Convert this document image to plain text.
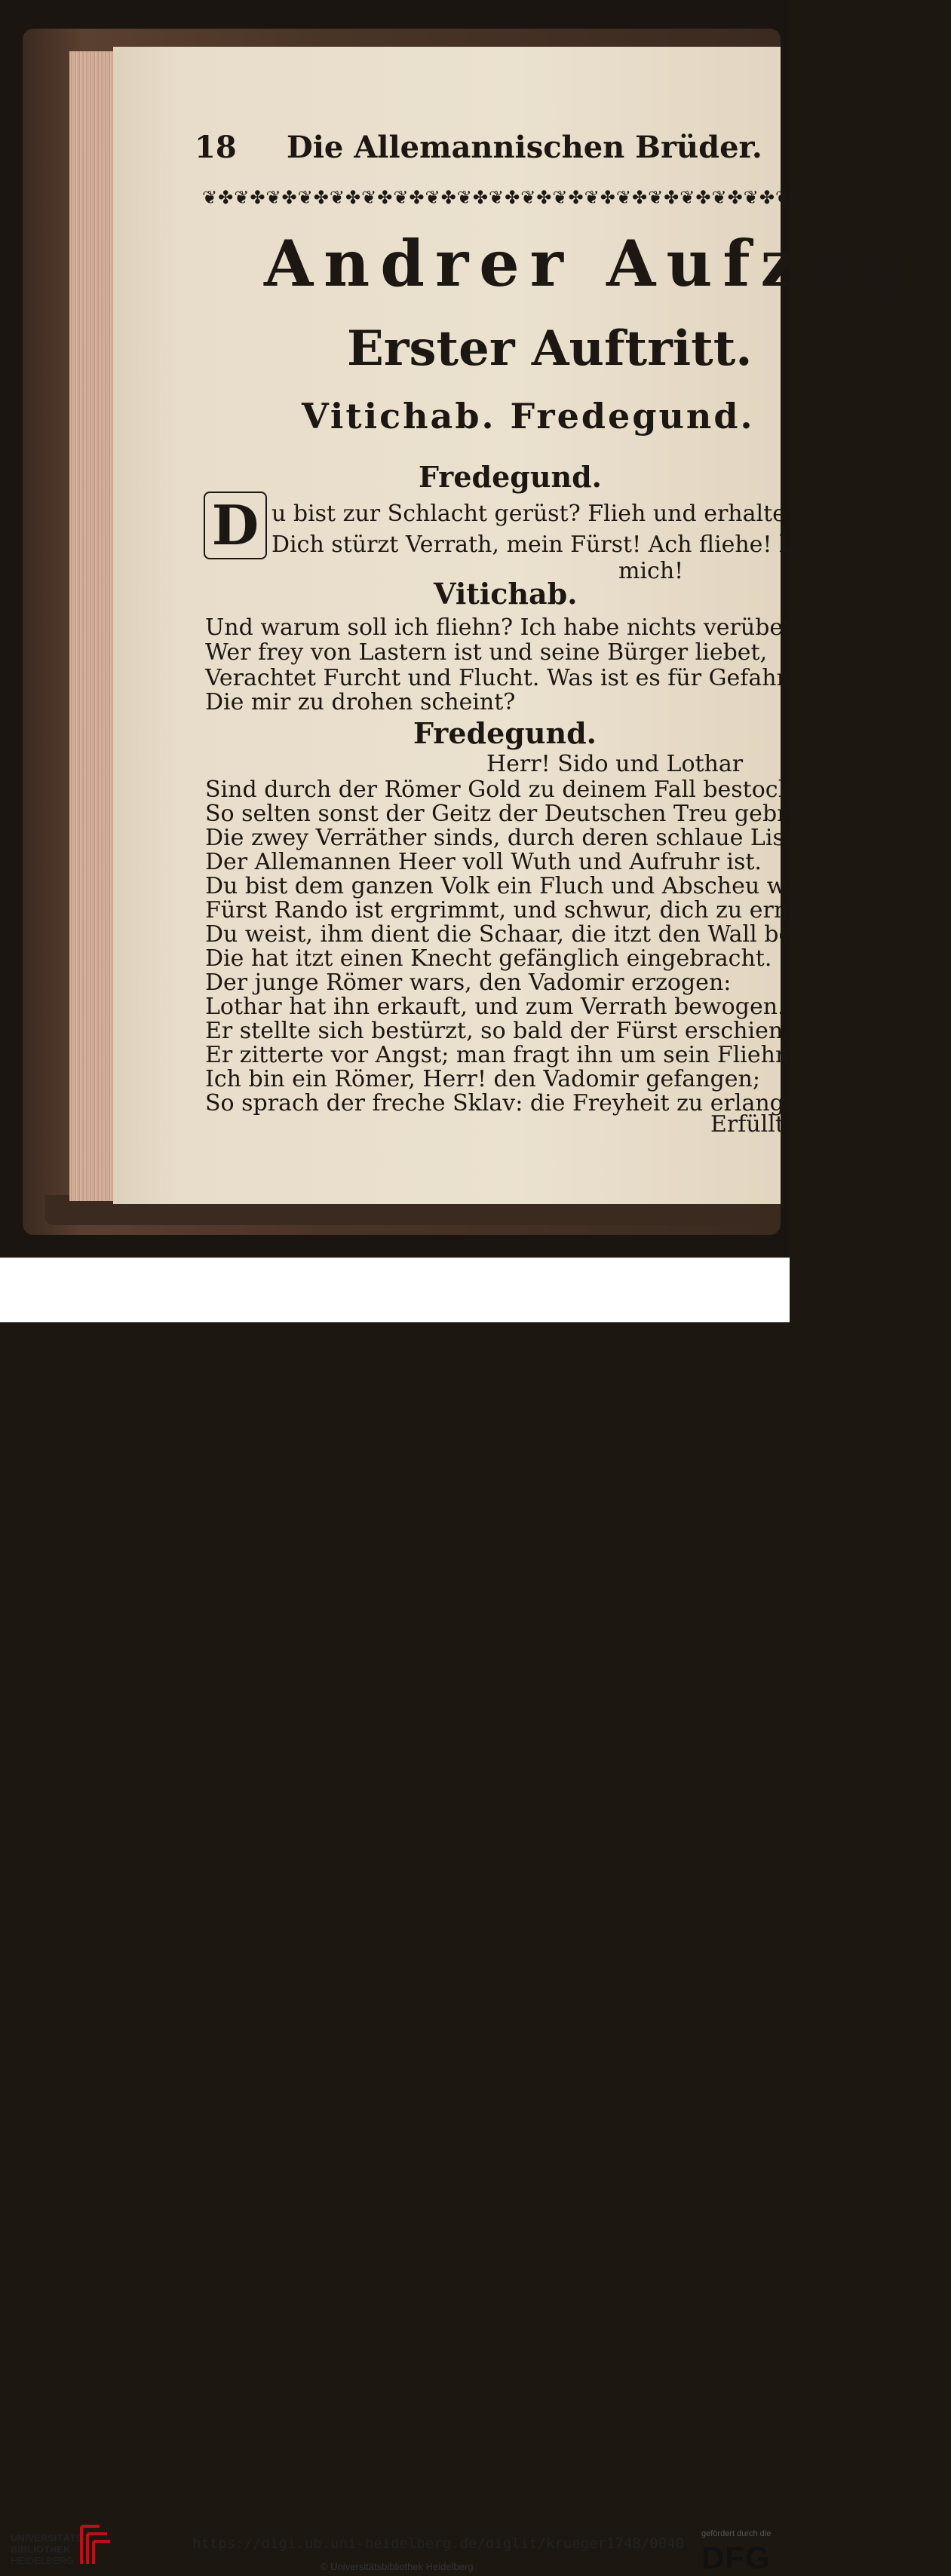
18 Die Allemannischen Brüder.
❦✤❦✤❦✤❦✤❦✤❦✤❦✤❦✤❦✤❦✤❦✤❦✤❦✤❦✤❦✤❦✤❦✤❦✤❦✤❦✤❦✤❦✤❦✤❦
Andrer Aufzug.
Erster Auftritt.
Vitichab. Fredegund.
Fredegund.
D u bist zur Schlacht gerüst? Flieh und erhalte dich.
Dich stürzt Verrath, mein Fürst! Ach fliehe! liebst du
mich!
Vitichab.
Und warum soll ich fliehn? Ich habe nichts verübet!
Wer frey von Lastern ist und seine Bürger liebet,
Verachtet Furcht und Flucht. Was ist es für Gefahr,
Die mir zu drohen scheint?
Fredegund.
Herr! Sido und Lothar
Sind durch der Römer Gold zu deinem Fall bestochen.
So selten sonst der Geitz der Deutschen Treu gebrochen.
Die zwey Verräther sinds, durch deren schlaue List
Der Allemannen Heer voll Wuth und Aufruhr ist.
Du bist dem ganzen Volk ein Fluch und Abscheu worden.
Fürst Rando ist ergrimmt, und schwur, dich zu ermorden.
Du weist, ihm dient die Schaar, die itzt den Wall bewacht;
Die hat itzt einen Knecht gefänglich eingebracht.
Der junge Römer wars, den Vadomir erzogen:
Lothar hat ihn erkauft, und zum Verrath bewogen.
Er stellte sich bestürzt, so bald der Fürst erschien.
Er zitterte vor Angst; man fragt ihn um sein Fliehn.
Ich bin ein Römer, Herr! den Vadomir gefangen;
So sprach der freche Sklav: die Freyheit zu erlangen,
Erfüllt
UNIVERSITÄTS-
BIBLIOTHEK
HEIDELBERG
https://digi.ub.uni-heidelberg.de/diglit/krueger1748/0040
© Universitätsbibliothek Heidelberg
gefördert durch die
DFG
